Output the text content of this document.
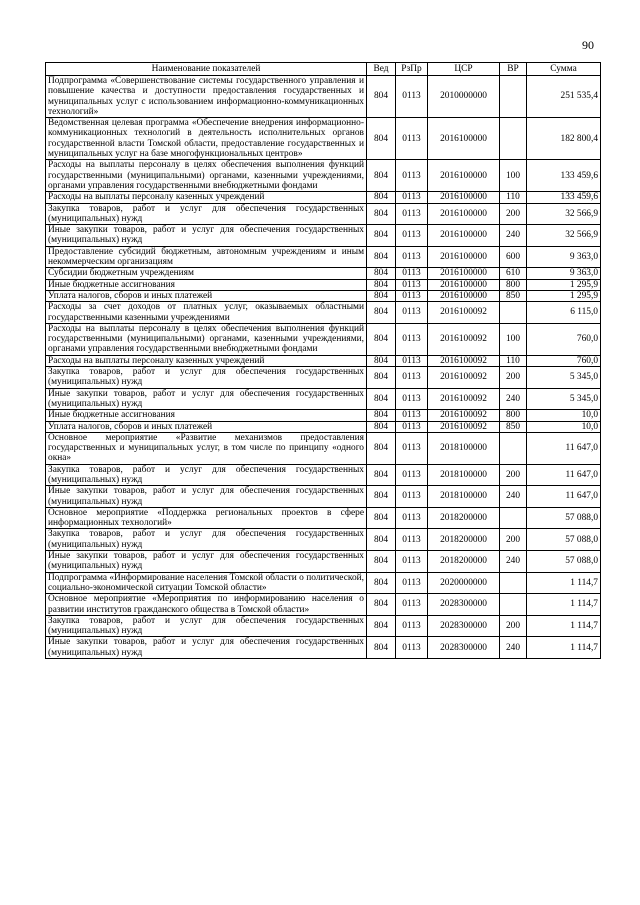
90
Наименование показателей	Вед	РзПр	ЦСР	ВР	Сумма
Подпрограмма «Совершенствование системы государственного управления и повышение качества и доступности предоставления государственных и муниципальных услуг с использованием информационно-коммуникационных технологий»	804	0113	2010000000		251 535,4
Ведомственная целевая программа «Обеспечение внедрения информационно-коммуникационных технологий в деятельность исполнительных органов государственной власти Томской области, предоставление государственных и муниципальных услуг на базе многофункциональных центров»	804	0113	2016100000		182 800,4
Расходы на выплаты персоналу в целях обеспечения выполнения функций государственными (муниципальными) органами, казенными учреждениями, органами управления государственными внебюджетными фондами	804	0113	2016100000	100	133 459,6
Расходы на выплаты персоналу казенных учреждений	804	0113	2016100000	110	133 459,6
Закупка товаров, работ и услуг для обеспечения государственных (муниципальных) нужд	804	0113	2016100000	200	32 566,9
Иные закупки товаров, работ и услуг для обеспечения государственных (муниципальных) нужд	804	0113	2016100000	240	32 566,9
Предоставление субсидий бюджетным, автономным учреждениям и иным некоммерческим организациям	804	0113	2016100000	600	9 363,0
Субсидии бюджетным учреждениям	804	0113	2016100000	610	9 363,0
Иные бюджетные ассигнования	804	0113	2016100000	800	1 295,9
Уплата налогов, сборов и иных платежей	804	0113	2016100000	850	1 295,9
Расходы за счет доходов от платных услуг, оказываемых областными государственными казенными учреждениями	804	0113	2016100092		6 115,0
Расходы на выплаты персоналу в целях обеспечения выполнения функций государственными (муниципальными) органами, казенными учреждениями, органами управления государственными внебюджетными фондами	804	0113	2016100092	100	760,0
Расходы на выплаты персоналу казенных учреждений	804	0113	2016100092	110	760,0
Закупка товаров, работ и услуг для обеспечения государственных (муниципальных) нужд	804	0113	2016100092	200	5 345,0
Иные закупки товаров, работ и услуг для обеспечения государственных (муниципальных) нужд	804	0113	2016100092	240	5 345,0
Иные бюджетные ассигнования	804	0113	2016100092	800	10,0
Уплата налогов, сборов и иных платежей	804	0113	2016100092	850	10,0
Основное мероприятие «Развитие механизмов предоставления государственных и муниципальных услуг, в том числе по принципу «одного окна»	804	0113	2018100000		11 647,0
Закупка товаров, работ и услуг для обеспечения государственных (муниципальных) нужд	804	0113	2018100000	200	11 647,0
Иные закупки товаров, работ и услуг для обеспечения государственных (муниципальных) нужд	804	0113	2018100000	240	11 647,0
Основное мероприятие «Поддержка региональных проектов в сфере информационных технологий»	804	0113	2018200000		57 088,0
Закупка товаров, работ и услуг для обеспечения государственных (муниципальных) нужд	804	0113	2018200000	200	57 088,0
Иные закупки товаров, работ и услуг для обеспечения государственных (муниципальных) нужд	804	0113	2018200000	240	57 088,0
Подпрограмма «Информирование населения Томской области о политической, социально-экономической ситуации Томской области»	804	0113	2020000000		1 114,7
Основное мероприятие «Мероприятия по информированию населения о развитии институтов гражданского общества в Томской области»	804	0113	2028300000		1 114,7
Закупка товаров, работ и услуг для обеспечения государственных (муниципальных) нужд	804	0113	2028300000	200	1 114,7
Иные закупки товаров, работ и услуг для обеспечения государственных (муниципальных) нужд	804	0113	2028300000	240	1 114,7
